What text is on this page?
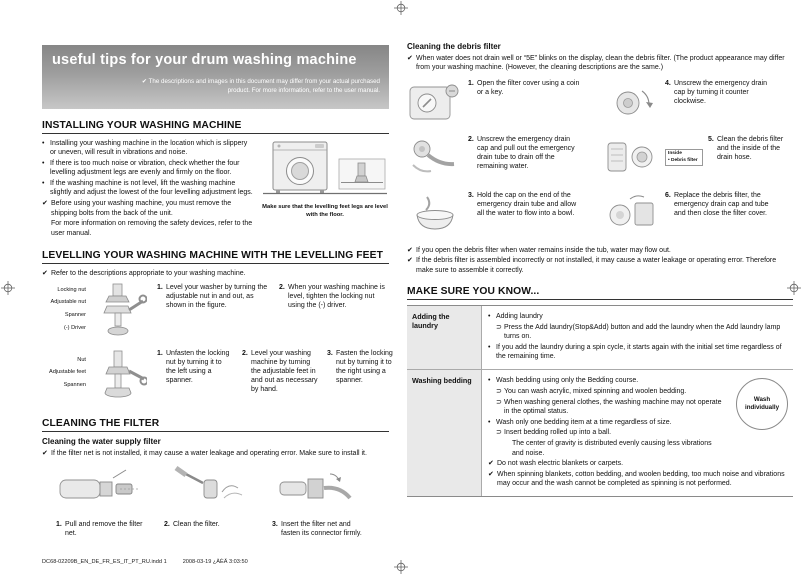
useful tips for your drum washing machine
✔ The descriptions and images in this document may differ from your actual purchased product. For more information, refer to the user manual.
INSTALLING YOUR WASHING MACHINE
• Installing your washing machine in the location which is slippery or uneven, will result in vibrations and noise.
• If there is too much noise or vibration, check whether the four levelling adjustment legs are evenly and firmly on the floor.
• If the washing machine is not level, lift the washing machine slightly and adjust the lowest of the four levelling adjustment legs.
✔ Before using your washing machine, you must remove the shipping bolts from the back of the unit.
For more information on removing the safety devices, refer to the user manual.
Make sure that the levelling feet legs are level with the floor.
LEVELLING YOUR WASHING MACHINE WITH THE LEVELLING FEET
✔ Refer to the descriptions appropriate to your washing machine.
Locking nut
Adjustable nut
Spanner
(-) Driver
1. Level your washer by turning the adjustable nut in and out, as shown in the figure.
2. When your washing machine is level, tighten the locking nut using the (-) driver.
Nut
Adjustable feet
Spannen
1. Unfasten the locking nut by turning it to the left using a spanner.
2. Level your washing machine by turning the adjustable feet in and out as necessary by hand.
3. Fasten the locking nut by turning it to the right using a spanner.
CLEANING THE FILTER
Cleaning the water supply filter
✔ If the filter net is not installed, it may cause a water leakage and operating error. Make sure to install it.
1. Pull and remove the filter net.
2. Clean the filter.	3. Insert the filter net and fasten its connector firmly.
Cleaning the debris filter
✔ When water does not drain well or “5E” blinks on the display, clean the debris filter. (The product appearance may differ from your washing machine. (However, the cleaning descriptions are the same.)
1. Open the filter cover using a coin or a key.
4. Unscrew the emergency drain cap by turning it counter clockwise.
2. Unscrew the emergency drain cap and pull out the emergency drain tube to drain off the remaining water.
Inside
• Debris filter
5. Clean the debris filter and the inside of the drain hose.
3. Hold the cap on the end of the emergency drain tube and allow all the water to flow into a bowl.
6. Replace the debris filter, the emergency drain cap and tube and then close the filter cover.
✔ If you open the debris filter when water remains inside the tub, water may flow out.
✔ If the debris filter is assembled incorrectly or not installed, it may cause a water leakage or operating error. Therefore make sure to assemble it correctly.
MAKE SURE YOU KNOW...
Adding the laundry
• Adding laundry
⊃ Press the Add laundry(Stop&Add) button and add the laundry when the Add laundry lamp turns on.
• If you add the laundry during a spin cycle, it starts again with the initial set time regardless of the remaining time.
Washing bedding	• Wash bedding using only the Bedding course.
⊃ You can wash acrylic, mixed spinning and woolen bedding.
⊃ When washing general clothes, the washing machine may not operate in the optimal status.
• Wash only one bedding item at a time regardless of size.
⊃ Insert bedding rolled up into a ball.
The center of gravity is distributed evenly causing less vibrations and noise.
✔ Do not wash electric blankets or carpets.
✔ When spinning blankets, cotton bedding, and woolen bedding, too much noise and vibrations may occur and the wash cannot be completed as spinning is not performed.
Wash individually
DC68-02209B_EN_DE_FR_ES_IT_PT_RU.indd 1	2008-03-19 ¿ÀÈÄ 3:03:50
